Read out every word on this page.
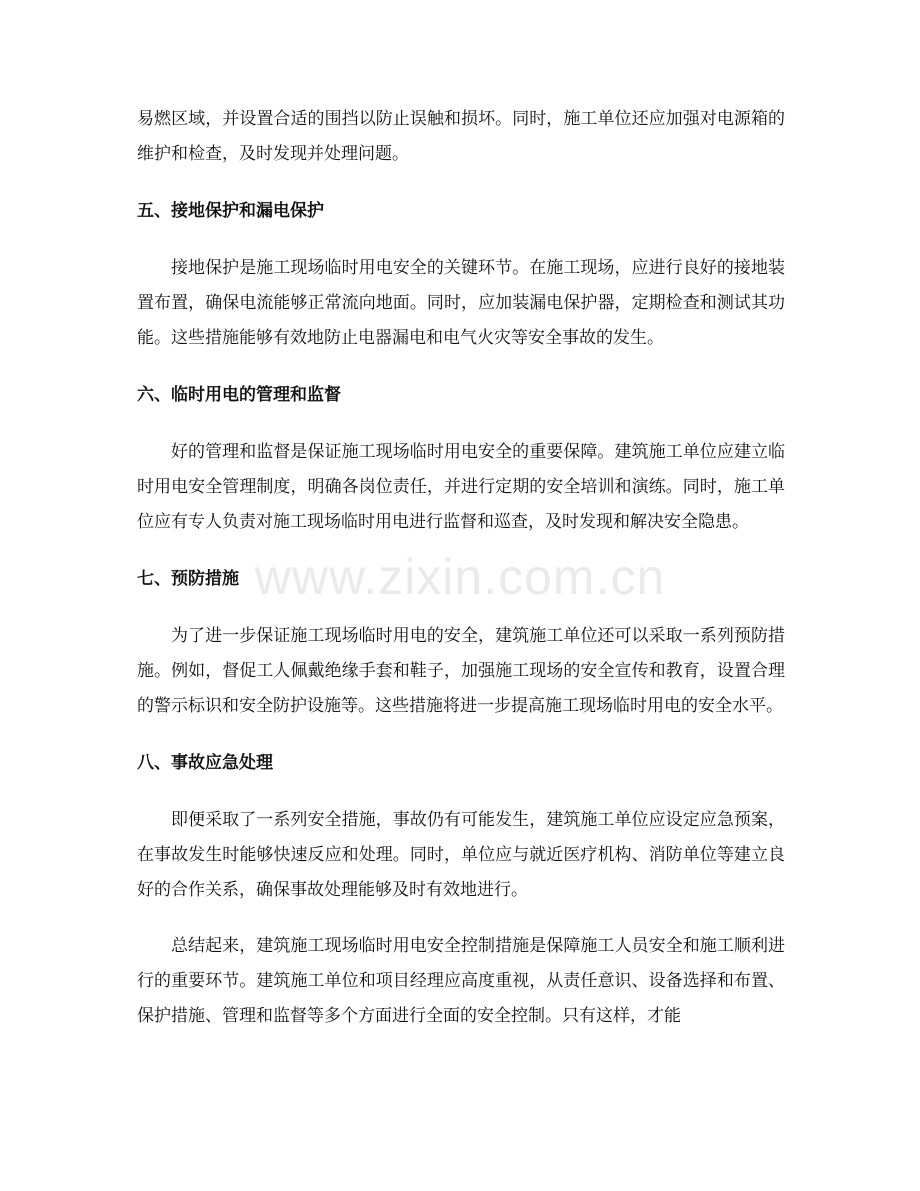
易燃区域，并设置合适的围挡以防止误触和损坏。同时，施工单位还应加强对电源箱的维护和检查，及时发现并处理问题。

五、接地保护和漏电保护

接地保护是施工现场临时用电安全的关键环节。在施工现场，应进行良好的接地装置布置，确保电流能够正常流向地面。同时，应加装漏电保护器，定期检查和测试其功能。这些措施能够有效地防止电器漏电和电气火灾等安全事故的发生。

六、临时用电的管理和监督

好的管理和监督是保证施工现场临时用电安全的重要保障。建筑施工单位应建立临时用电安全管理制度，明确各岗位责任，并进行定期的安全培训和演练。同时，施工单位应有专人负责对施工现场临时用电进行监督和巡查，及时发现和解决安全隐患。

七、预防措施

为了进一步保证施工现场临时用电的安全，建筑施工单位还可以采取一系列预防措施。例如，督促工人佩戴绝缘手套和鞋子，加强施工现场的安全宣传和教育，设置合理的警示标识和安全防护设施等。这些措施将进一步提高施工现场临时用电的安全水平。

八、事故应急处理

即便采取了一系列安全措施，事故仍有可能发生，建筑施工单位应设定应急预案，在事故发生时能够快速反应和处理。同时，单位应与就近医疗机构、消防单位等建立良好的合作关系，确保事故处理能够及时有效地进行。

总结起来，建筑施工现场临时用电安全控制措施是保障施工人员安全和施工顺利进行的重要环节。建筑施工单位和项目经理应高度重视，从责任意识、设备选择和布置、保护措施、管理和监督等多个方面进行全面的安全控制。只有这样，才能

www.zixin.com.cn
